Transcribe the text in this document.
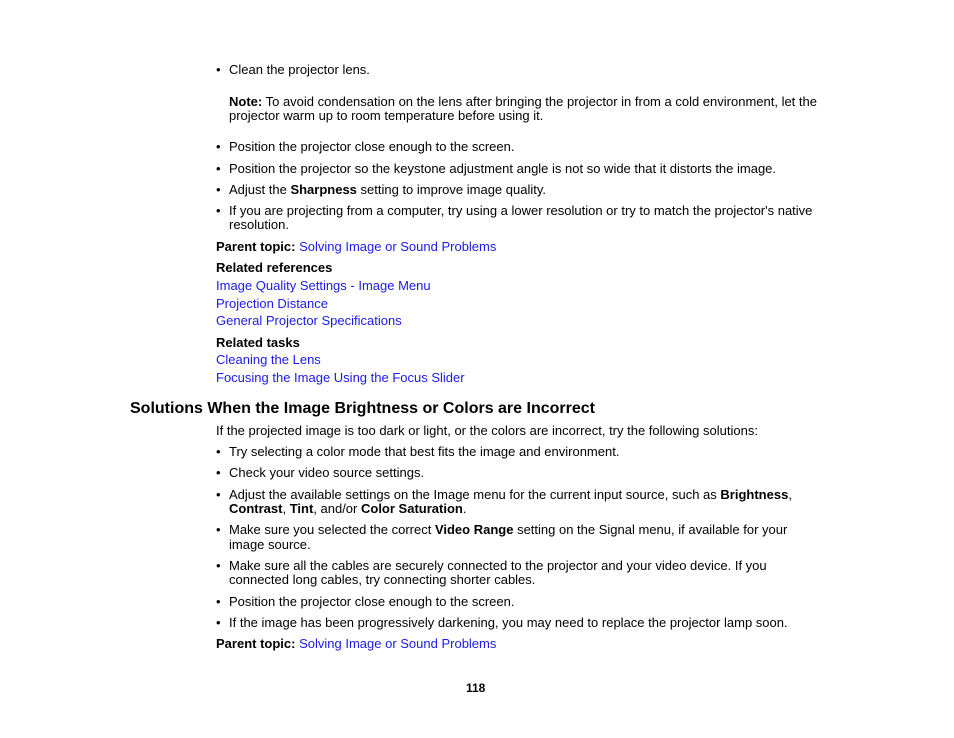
• Clean the projector lens.
Note: To avoid condensation on the lens after bringing the projector in from a cold environment, let the
projector warm up to room temperature before using it.
• Position the projector close enough to the screen.
• Position the projector so the keystone adjustment angle is not so wide that it distorts the image.
• Adjust the Sharpness setting to improve image quality.
• If you are projecting from a computer, try using a lower resolution or try to match the projector's native
resolution.
Parent topic: Solving Image or Sound Problems
Related references
Image Quality Settings - Image Menu
Projection Distance
General Projector Specifications
Related tasks
Cleaning the Lens
Focusing the Image Using the Focus Slider
Solutions When the Image Brightness or Colors are Incorrect
If the projected image is too dark or light, or the colors are incorrect, try the following solutions:
• Try selecting a color mode that best fits the image and environment.
• Check your video source settings.
• Adjust the available settings on the Image menu for the current input source, such as Brightness,
Contrast, Tint, and/or Color Saturation.
• Make sure you selected the correct Video Range setting on the Signal menu, if available for your
image source.
• Make sure all the cables are securely connected to the projector and your video device. If you
connected long cables, try connecting shorter cables.
• Position the projector close enough to the screen.
• If the image has been progressively darkening, you may need to replace the projector lamp soon.
Parent topic: Solving Image or Sound Problems
118
